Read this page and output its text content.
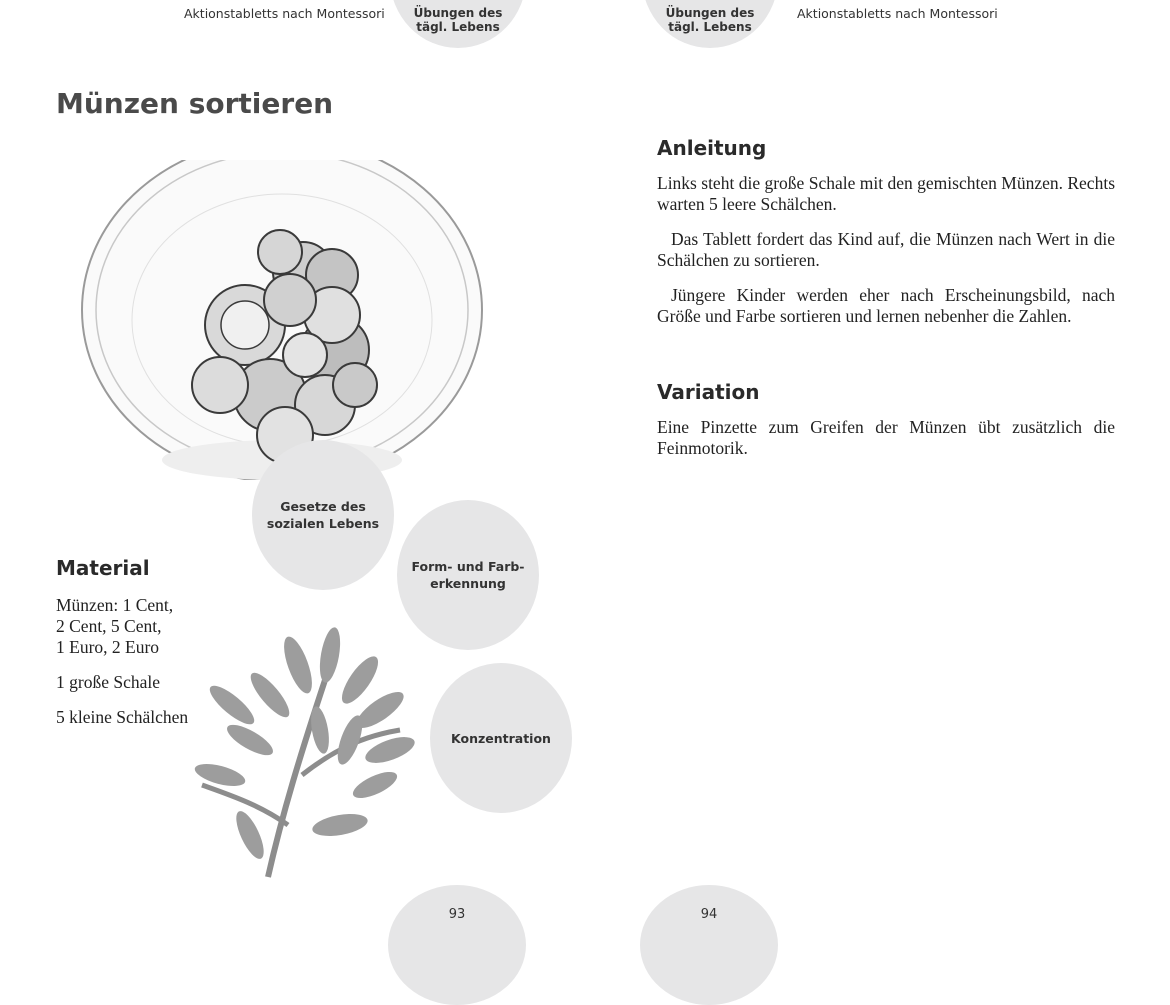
Aktionstabletts nach Montessori Übungen des
tägl. Lebens
Übungen des
tägl. Lebens
Aktionstabletts nach Montessori
Münzen sortieren
Gesetze des
sozialen Lebens
Form- und Farb-
erkennung
Konzentration
Material

Münzen: 1 Cent,
2 Cent, 5 Cent,
1 Euro, 2 Euro

1 große Schale

5 kleine Schälchen

93
Anleitung

Links steht die große Schale mit den gemischten Münzen. Rechts warten 5 leere Schälchen.

Das Tablett fordert das Kind auf, die Münzen nach Wert in die Schälchen zu sortieren.

Jüngere Kinder werden eher nach Erscheinungsbild, nach Größe und Farbe sortieren und lernen nebenher die Zahlen.

Variation

Eine Pinzette zum Greifen der Münzen übt zusätzlich die Feinmotorik.

94
